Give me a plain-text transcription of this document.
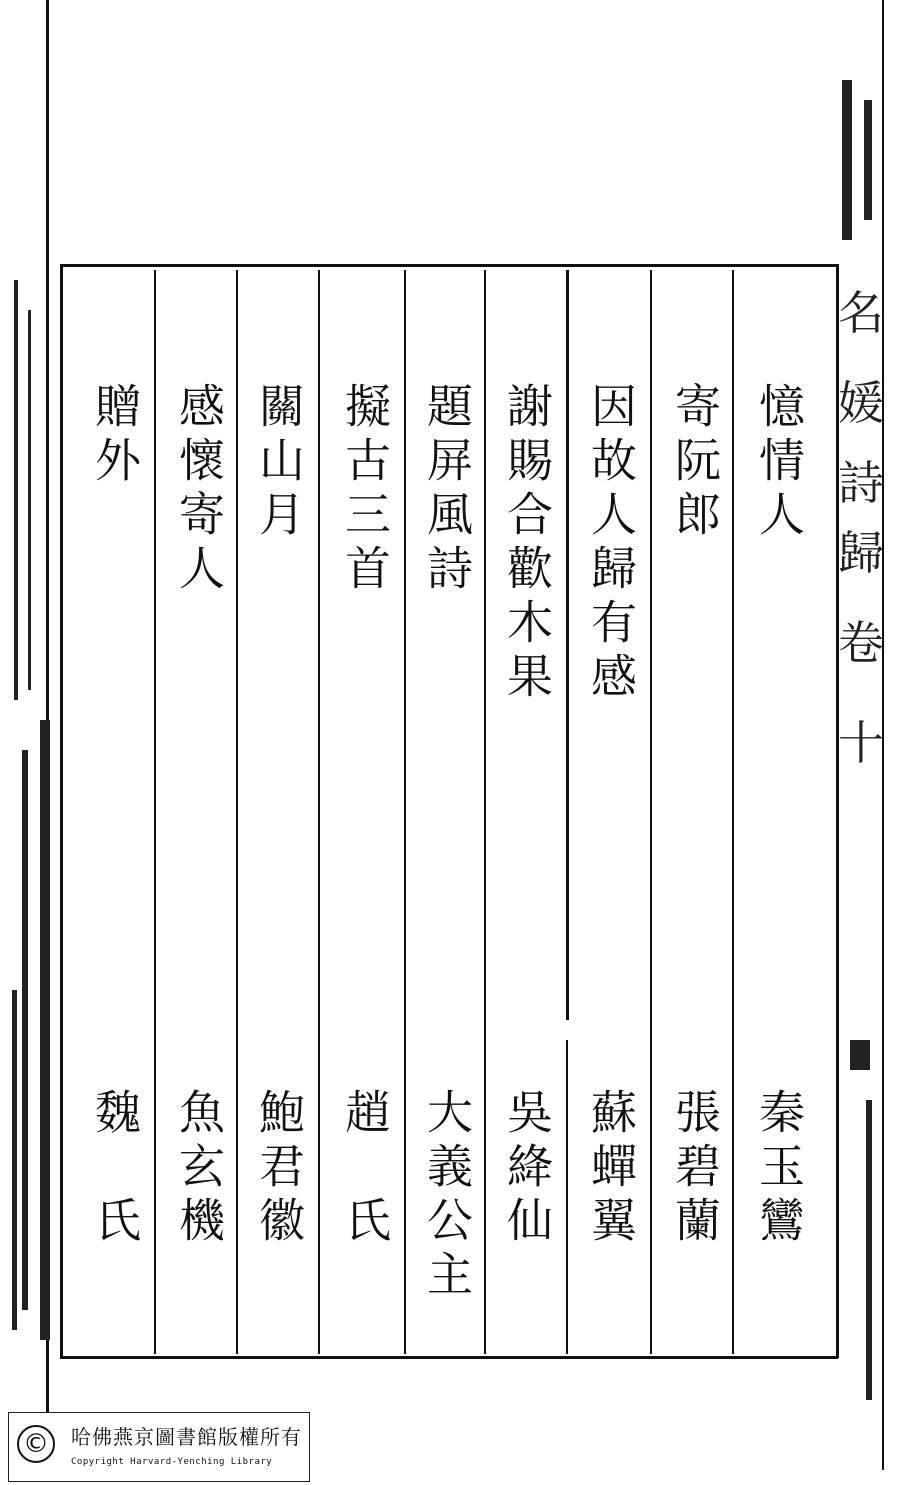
名
媛
詩
歸
卷
十
憶情人
秦玉鸞
寄阮郎
張碧蘭
因故人歸有感
蘇蟬翼
謝賜合歡木果
吳絳仙
題屏風詩
大義公主
擬古三首
趙　氏
關山月
鮑君徽
感懷寄人
魚玄機
贈外
魏　氏
©	哈佛燕京圖書館版權所有
Copyright Harvard-Yenching Library
